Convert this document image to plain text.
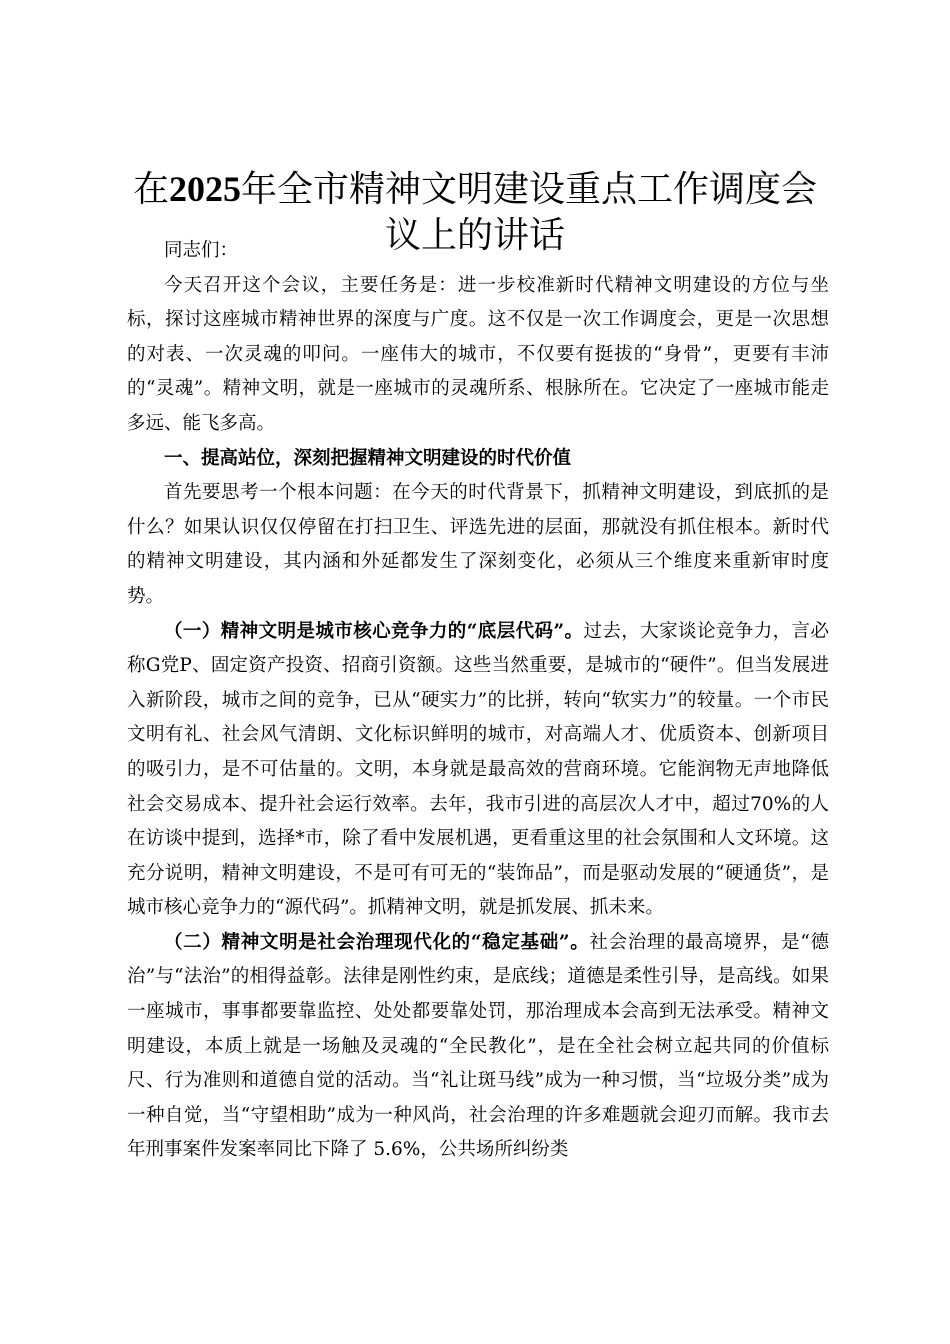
在2025年全市精神文明建设重点工作调度会
议上的讲话

同志们：

今天召开这个会议，主要任务是：进一步校准新时代精神文明建设的方位与坐标，探讨这座城市精神世界的深度与广度。这不仅是一次工作调度会，更是一次思想的对表、一次灵魂的叩问。一座伟大的城市，不仅要有挺拔的“身骨”，更要有丰沛的“灵魂”。精神文明，就是一座城市的灵魂所系、根脉所在。它决定了一座城市能走多远、能飞多高。

一、提高站位，深刻把握精神文明建设的时代价值

首先要思考一个根本问题：在今天的时代背景下，抓精神文明建设，到底抓的是什么？如果认识仅仅停留在打扫卫生、评选先进的层面，那就没有抓住根本。新时代的精神文明建设，其内涵和外延都发生了深刻变化，必须从三个维度来重新审时度势。

（一）精神文明是城市核心竞争力的“底层代码”。过去，大家谈论竞争力，言必称G党P、固定资产投资、招商引资额。这些当然重要，是城市的“硬件”。但当发展进入新阶段，城市之间的竞争，已从“硬实力”的比拼，转向“软实力”的较量。一个市民文明有礼、社会风气清朗、文化标识鲜明的城市，对高端人才、优质资本、创新项目的吸引力，是不可估量的。文明，本身就是最高效的营商环境。它能润物无声地降低社会交易成本、提升社会运行效率。去年，我市引进的高层次人才中，超过70%的人在访谈中提到，选择*市，除了看中发展机遇，更看重这里的社会氛围和人文环境。这充分说明，精神文明建设，不是可有可无的“装饰品”，而是驱动发展的“硬通货”，是城市核心竞争力的“源代码”。抓精神文明，就是抓发展、抓未来。

（二）精神文明是社会治理现代化的“稳定基础”。社会治理的最高境界，是“德治”与“法治”的相得益彰。法律是刚性约束，是底线；道德是柔性引导，是高线。如果一座城市，事事都要靠监控、处处都要靠处罚，那治理成本会高到无法承受。精神文明建设，本质上就是一场触及灵魂的“全民教化”，是在全社会树立起共同的价值标尺、行为准则和道德自觉的活动。当“礼让斑马线”成为一种习惯，当“垃圾分类”成为一种自觉，当“守望相助”成为一种风尚，社会治理的许多难题就会迎刃而解。我市去年刑事案件发案率同比下降了 5.6%，公共场所纠纷类
